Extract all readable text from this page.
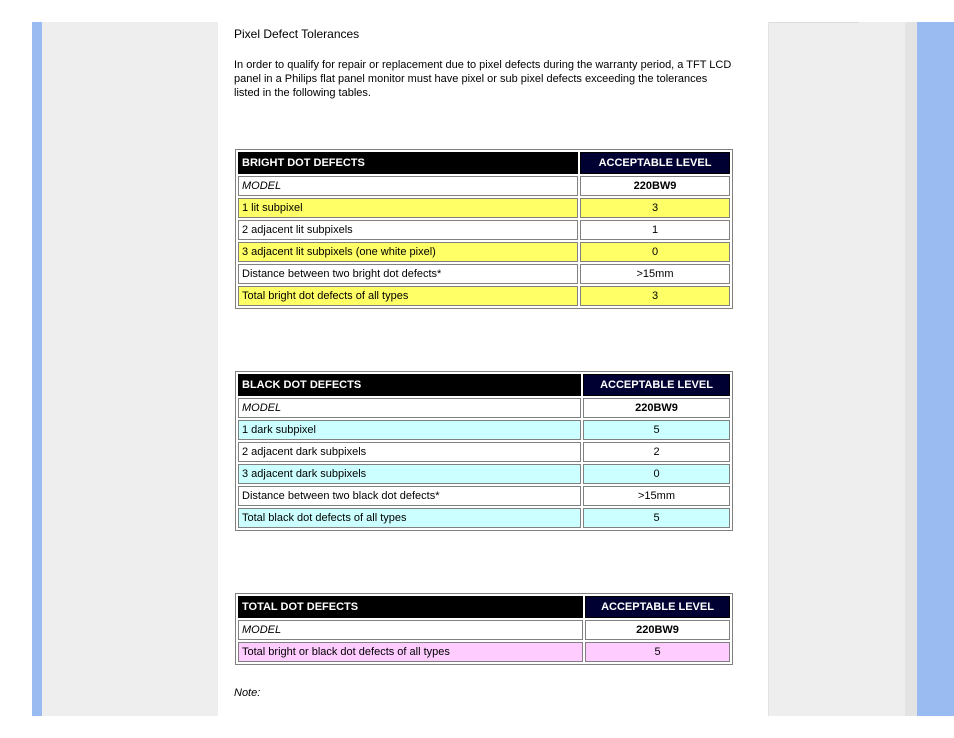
Pixel Defect Tolerances
In order to qualify for repair or replacement due to pixel defects during the warranty period, a TFT LCD panel in a Philips flat panel monitor must have pixel or sub pixel defects exceeding the tolerances listed in the following tables.
BRIGHT DOT DEFECTS	ACCEPTABLE LEVEL
MODEL	220BW9
1 lit subpixel	3
2 adjacent lit subpixels	1
3 adjacent lit subpixels (one white pixel)	0
Distance between two bright dot defects*	>15mm
Total bright dot defects of all types	3
BLACK DOT DEFECTS	ACCEPTABLE LEVEL
MODEL	220BW9
1 dark subpixel	5
2 adjacent dark subpixels	2
3 adjacent dark subpixels	0
Distance between two black dot defects*	>15mm
Total black dot defects of all types	5
TOTAL DOT DEFECTS	ACCEPTABLE LEVEL
MODEL	220BW9
Total bright or black dot defects of all types	5
Note:
